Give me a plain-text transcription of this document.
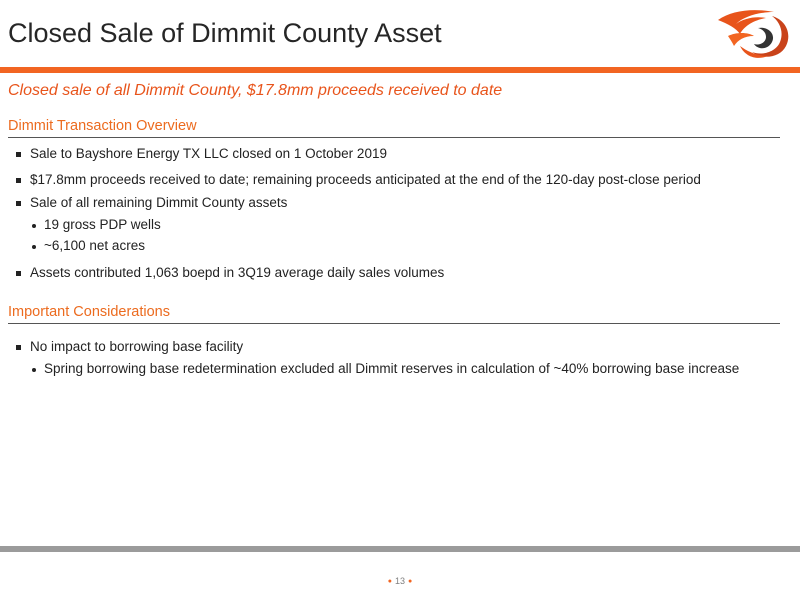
Closed Sale of Dimmit County Asset

Closed sale of all Dimmit County, $17.8mm proceeds received to date

Dimmit Transaction Overview
Sale to Bayshore Energy TX LLC closed on 1 October 2019
$17.8mm proceeds received to date; remaining proceeds anticipated at the end of the 120-day post-close period
Sale of all remaining Dimmit County assets
19 gross PDP wells
~6,100 net acres
Assets contributed 1,063 boepd in 3Q19 average daily sales volumes
Important Considerations
No impact to borrowing base facility
Spring borrowing base redetermination excluded all Dimmit reserves in calculation of ~40% borrowing base increase
● 13 ●
